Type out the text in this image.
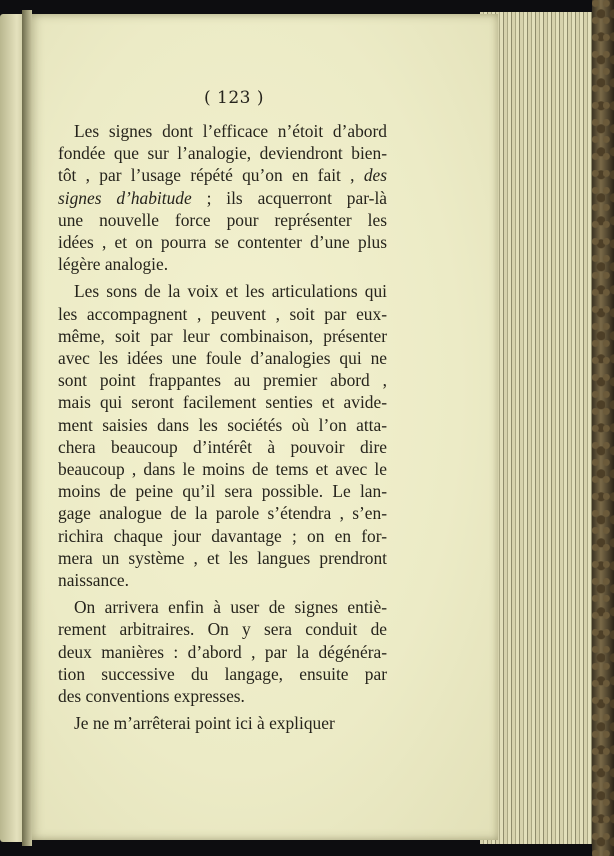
( 123 )
Les signes dont l’efficace n’étoit d’abord
fondée que sur l’analogie, deviendront bien-
tôt , par l’usage répété qu’on en fait , des
signes d’habitude ; ils acquerront par-là
une nouvelle force pour représenter les
idées , et on pourra se contenter d’une plus
légère analogie.
Les sons de la voix et les articulations qui
les accompagnent , peuvent , soit par eux-
même, soit par leur combinaison, présenter
avec les idées une foule d’analogies qui ne
sont point frappantes au premier abord ,
mais qui seront facilement senties et avide-
ment saisies dans les sociétés où l’on atta-
chera beaucoup d’intérêt à pouvoir dire
beaucoup , dans le moins de tems et avec le
moins de peine qu’il sera possible. Le lan-
gage analogue de la parole s’étendra , s’en-
richira chaque jour davantage ; on en for-
mera un système , et les langues prendront
naissance.
On arrivera enfin à user de signes entiè-
rement arbitraires. On y sera conduit de
deux manières : d’abord , par la dégénéra-
tion successive du langage, ensuite par
des conventions expresses.
Je ne m’arrêterai point ici à expliquer
